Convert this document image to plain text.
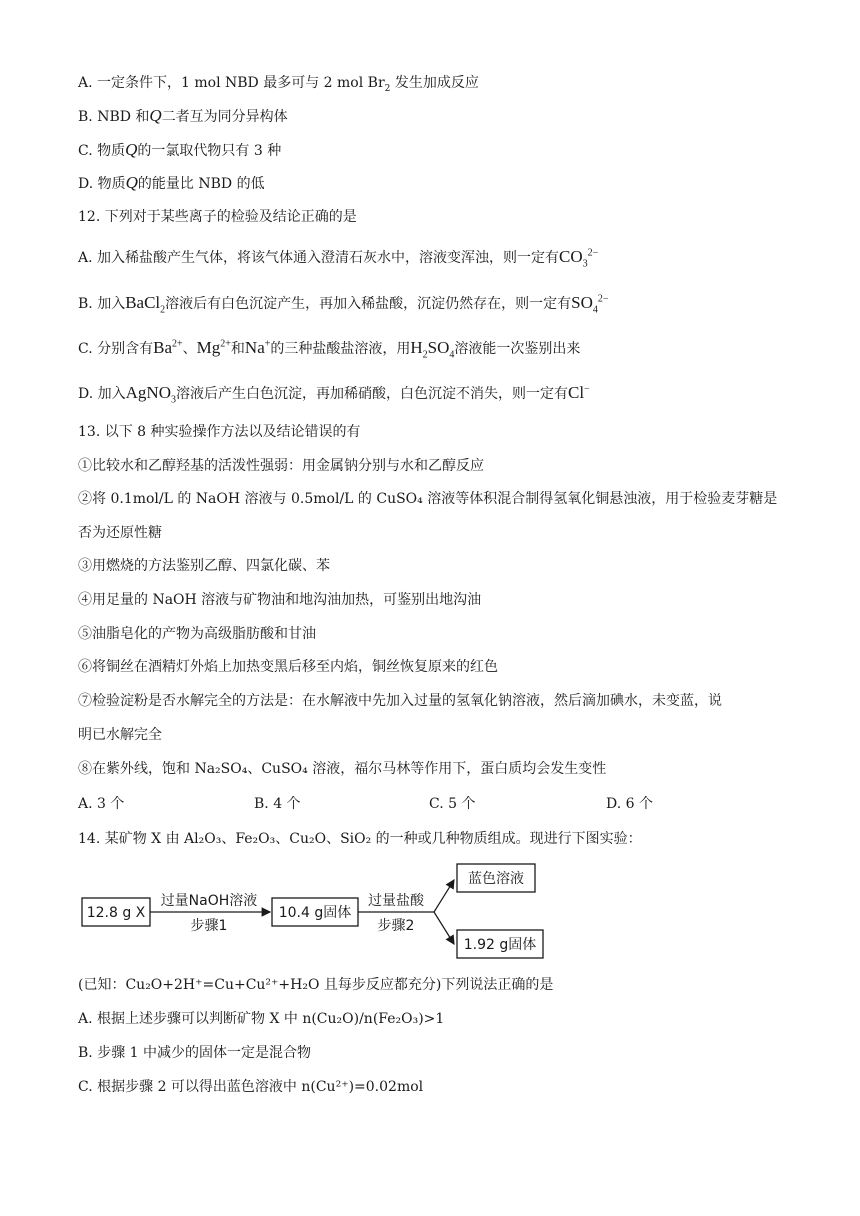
A. 一定条件下，1 mol NBD 最多可与 2 mol $Br_2$ 发生加成反应
B. NBD 和Q二者互为同分异构体
C. 物质Q的一氯取代物只有 3 种
D. 物质Q的能量比 NBD 的低
12. 下列对于某些离子的检验及结论正确的是
A. 加入稀盐酸产生气体，将该气体通入澄清石灰水中，溶液变浑浊，则一定有$CO_3^{2-}$
B. 加入BaCl$_2$溶液后有白色沉淀产生，再加入稀盐酸，沉淀仍然存在，则一定有$SO_4^{2-}$
C. 分别含有$Ba^{2+}$、$Mg^{2+}$和Na+的三种盐酸盐溶液，用$H_2SO_4$溶液能一次鉴别出来
D. 加入AgNO$_3$溶液后产生白色沉淀，再加稀硝酸，白色沉淀不消失，则一定有Cl−
13. 以下 8 种实验操作方法以及结论错误的有
①比较水和乙醇羟基的活泼性强弱：用金属钠分别与水和乙醇反应
②将 0.1mol/L 的 NaOH 溶液与 0.5mol/L 的 CuSO₄ 溶液等体积混合制得氢氧化铜悬浊液，用于检验麦芽糖是
否为还原性糖
③用燃烧的方法鉴别乙醇、四氯化碳、苯
④用足量的 NaOH 溶液与矿物油和地沟油加热，可鉴别出地沟油
⑤油脂皂化的产物为高级脂肪酸和甘油
⑥将铜丝在酒精灯外焰上加热变黑后移至内焰，铜丝恢复原来的红色
⑦检验淀粉是否水解完全的方法是：在水解液中先加入过量的氢氧化钠溶液，然后滴加碘水，未变蓝，说
明已水解完全
⑧在紫外线，饱和 Na₂SO₄、CuSO₄ 溶液，福尔马林等作用下，蛋白质均会发生变性
A. 3 个	B. 4 个	C. 5 个	D. 6 个
14. 某矿物 X 由 Al₂O₃、Fe₂O₃、Cu₂O、SiO₂ 的一种或几种物质组成。现进行下图实验：
12.8 g X
过量NaOH溶液
步骤1
10.4 g固体
过量盐酸
步骤2
蓝色溶液
1.92 g固体
(已知：Cu₂O+2H⁺=Cu+Cu²⁺+H₂O 且每步反应都充分)下列说法正确的是
A. 根据上述步骤可以判断矿物 X 中 n(Cu₂O)/n(Fe₂O₃)>1
B. 步骤 1 中减少的固体一定是混合物
C. 根据步骤 2 可以得出蓝色溶液中 n(Cu²⁺)=0.02mol
